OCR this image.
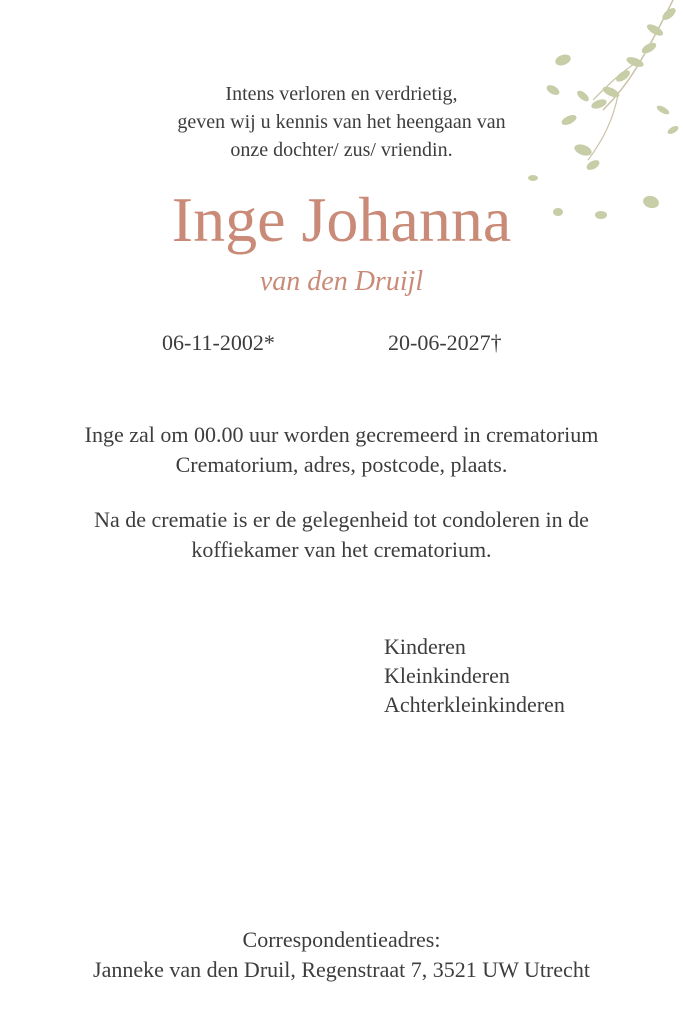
Intens verloren en verdrietig,
geven wij u kennis van het heengaan van
onze dochter/ zus/ vriendin.
Inge Johanna
van den Druijl
06-11-2002*	20-06-2027†
Inge zal om 00.00 uur worden gecremeerd in crematorium
Crematorium, adres, postcode, plaats.
Na de crematie is er de gelegenheid tot condoleren in de
koffiekamer van het crematorium.
Kinderen
Kleinkinderen
Achterkleinkinderen
Correspondentieadres:
Janneke van den Druil, Regenstraat 7, 3521 UW Utrecht
